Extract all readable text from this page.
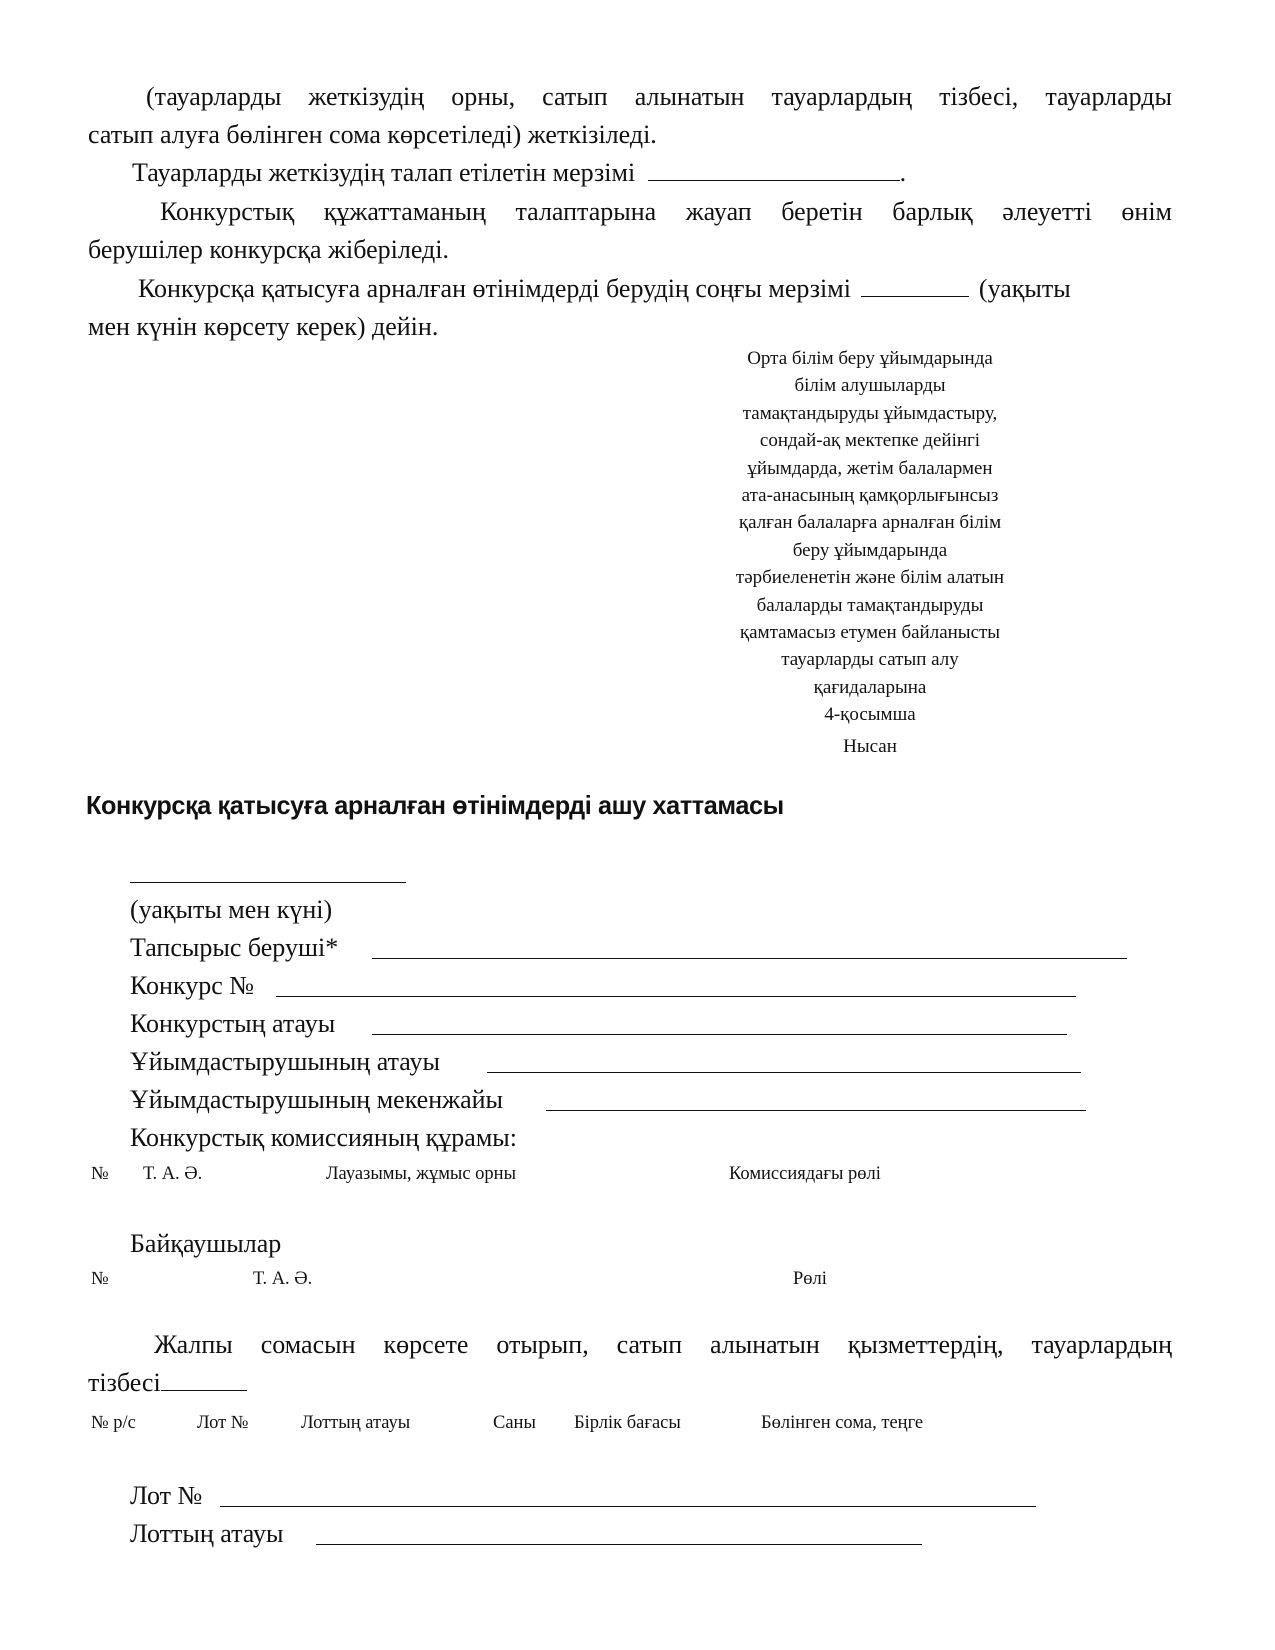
(тауарларды жеткізудің орны, сатып алынатын тауарлардың тізбесі, тауарларды
сатып алуға бөлінген сома көрсетіледі) жеткізіледі.
Тауарларды жеткізудің талап етілетін мерзімі	.
Конкурстық құжаттаманың талаптарына жауап беретін барлық әлеуетті өнім
берушілер конкурсқа жіберіледі.
Конкурсқа қатысуға арналған өтінімдерді берудің соңғы мерзімі	(уақыты
мен күнін көрсету керек) дейін.
Орта білім беру ұйымдарында
білім алушыларды
тамақтандыруды ұйымдастыру,
сондай-ақ мектепке дейінгі
ұйымдарда, жетім балалармен
ата-анасының қамқорлығынсыз
қалған балаларға арналған білім
беру ұйымдарында
тәрбиеленетін және білім алатын
балаларды тамақтандыруды
қамтамасыз етумен байланысты
тауарларды сатып алу
қағидаларына
4-қосымша
Нысан
Конкурсқа қатысуға арналған өтінімдерді ашу хаттамасы
(уақыты мен күні)
Тапсырыс беруші*
Конкурс №
Конкурстың атауы
Ұйымдастырушының атауы
Ұйымдастырушының мекенжайы
Конкурстық комиссияның құрамы:
№ Т. А. Ә.	Лауазымы, жұмыс орны	Комиссиядағы рөлі
Байқаушылар
№	Т. А. Ә.	Рөлі
Жалпы сомасын көрсете отырып, сатып алынатын қызметтердің, тауарлардың
тізбесі
№ р/с	Лот №	Лоттың атауы	Саны Бірлік бағасы	Бөлінген сома, теңге
Лот №
Лоттың атауы
